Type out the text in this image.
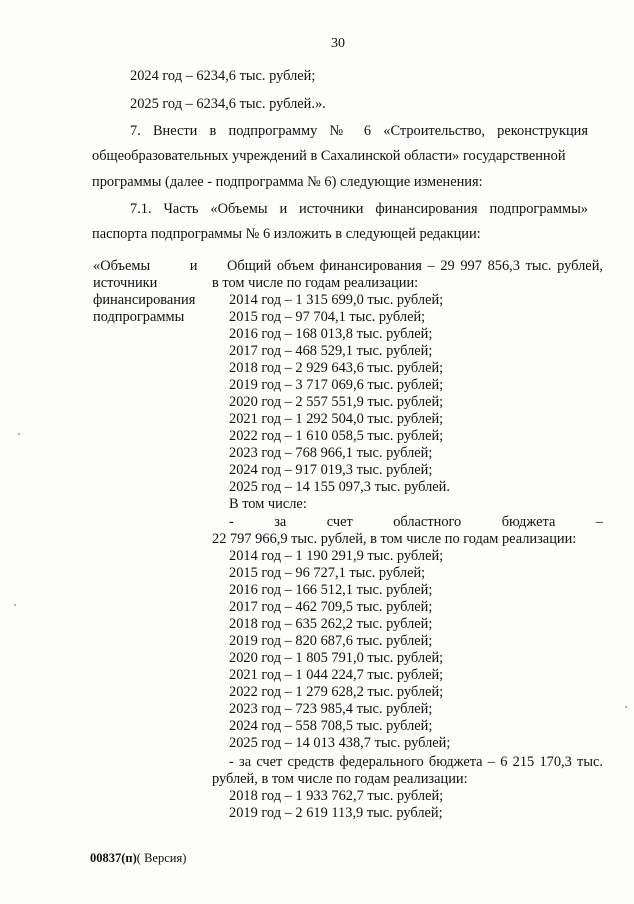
30
2024 год – 6234,6 тыс. рублей;
2025 год – 6234,6 тыс. рублей.».
7. Внести в подпрограмму № 6 «Строительство, реконструкция
общеобразовательных учреждений в Сахалинской области» государственной
программы (далее - подпрограмма № 6) следующие изменения:
7.1. Часть «Объемы и источники финансирования подпрограммы»
паспорта подпрограммы № 6 изложить в следующей редакции:
«Объемы           и
источники
финансирования
подпрограммы
Общий объем финансирования – 29 997 856,3 тыс. рублей,
в том числе по годам реализации:
2014 год – 1 315 699,0 тыс. рублей;
2015 год – 97 704,1 тыс. рублей;
2016 год – 168 013,8 тыс. рублей;
2017 год – 468 529,1 тыс. рублей;
2018 год – 2 929 643,6 тыс. рублей;
2019 год – 3 717 069,6 тыс. рублей;
2020 год – 2 557 551,9 тыс. рублей;
2021 год – 1 292 504,0 тыс. рублей;
2022 год – 1 610 058,5 тыс. рублей;
2023 год – 768 966,1 тыс. рублей;
2024 год – 917 019,3 тыс. рублей;
2025 год – 14 155 097,3 тыс. рублей.
В том числе:
- за счет областного бюджета –
22 797 966,9 тыс. рублей, в том числе по годам реализации:
2014 год – 1 190 291,9 тыс. рублей;
2015 год – 96 727,1 тыс. рублей;
2016 год – 166 512,1 тыс. рублей;
2017 год – 462 709,5 тыс. рублей;
2018 год – 635 262,2 тыс. рублей;
2019 год – 820 687,6 тыс. рублей;
2020 год – 1 805 791,0 тыс. рублей;
2021 год – 1 044 224,7 тыс. рублей;
2022 год – 1 279 628,2 тыс. рублей;
2023 год – 723 985,4 тыс. рублей;
2024 год – 558 708,5 тыс. рублей;
2025 год – 14 013 438,7 тыс. рублей;
- за счет средств федерального бюджета – 6 215 170,3 тыс.
рублей, в том числе по годам реализации:
2018 год – 1 933 762,7 тыс. рублей;
2019 год – 2 619 113,9 тыс. рублей;
00837(п)( Версия)
